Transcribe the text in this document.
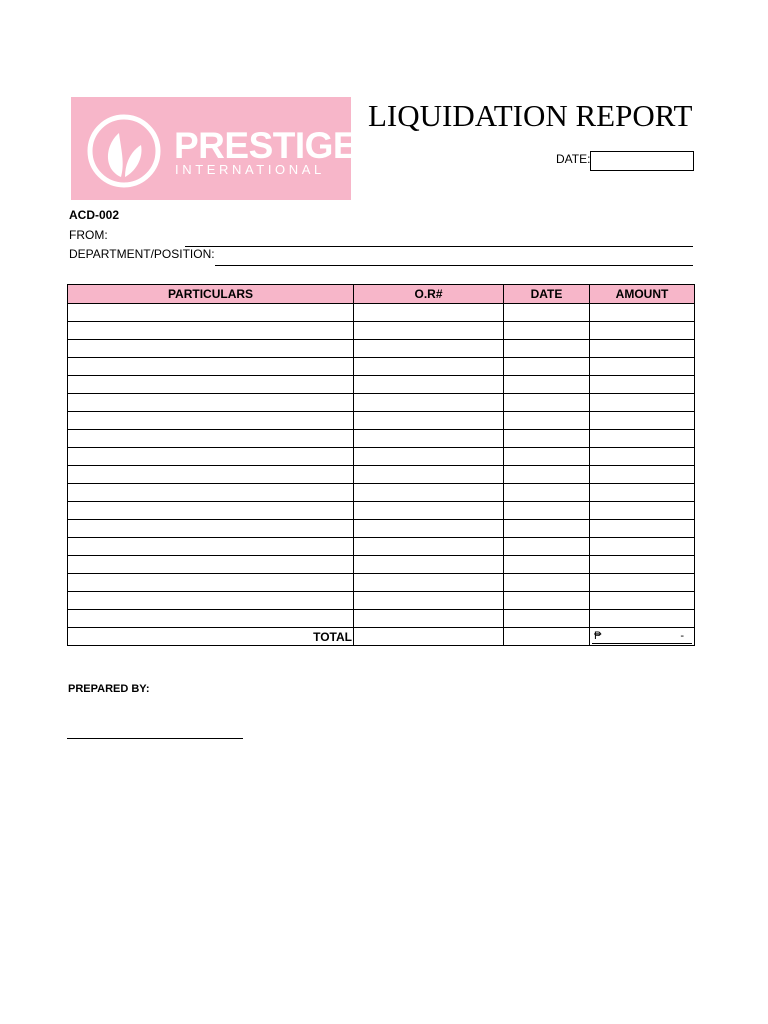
PRESTIGE
INTERNATIONAL
LIQUIDATION REPORT
DATE:
ACD-002
FROM:
DEPARTMENT/POSITION:
PARTICULARS	O.R#	DATE	AMOUNT

TOTAL			₱ -
PREPARED BY:
